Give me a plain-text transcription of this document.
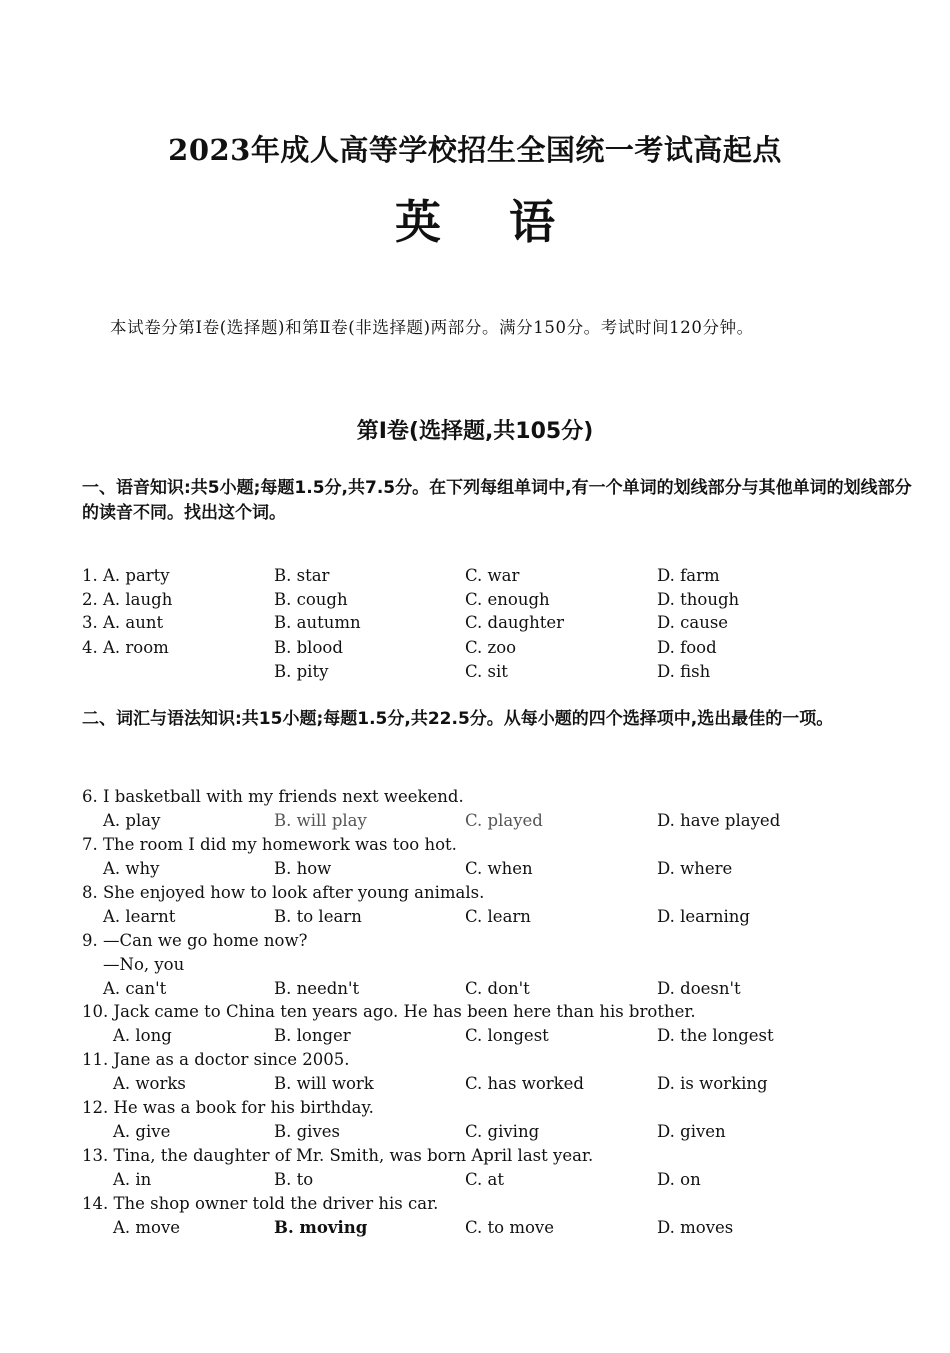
2023年成人高等学校招生全国统一考试高起点
英 语
本试卷分第Ⅰ卷(选择题)和第Ⅱ卷(非选择题)两部分。满分150分。考试时间120分钟。
第Ⅰ卷(选择题,共105分)
一、语音知识:共5小题;每题1.5分,共7.5分。在下列每组单词中,有一个单词的划线部分与其他单词的划线部分的读音不同。找出这个词。
1. A. party	B. star	C. war	D. farm
2. A. laugh	B. cough	C. enough	D. though
3. A. aunt	B. autumn	C. daughter	D. cause
4. A. room	B. blood	C. zoo	D. food
B. pity	C. sit	D. fish
二、词汇与语法知识:共15小题;每题1.5分,共22.5分。从每小题的四个选择项中,选出最佳的一项。
6. I basketball with my friends next weekend.
A. play	B. will play	C. played	D. have played
7. The room I did my homework was too hot.
A. why	B. how	C. when	D. where
8. She enjoyed how to look after young animals.
A. learnt	B. to learn	C. learn	D. learning
9. —Can we go home now?
—No, you
A. can't	B. needn't	C. don't	D. doesn't
10. Jack came to China ten years ago. He has been here than his brother.
A. long	B. longer	C. longest	D. the longest
11. Jane as a doctor since 2005.
A. works	B. will work	C. has worked	D. is working
12. He was a book for his birthday.
A. give	B. gives	C. giving	D. given
13. Tina, the daughter of Mr. Smith, was born April last year.
A. in	B. to	C. at	D. on
14. The shop owner told the driver his car.
A. move	B. moving	C. to move	D. moves
